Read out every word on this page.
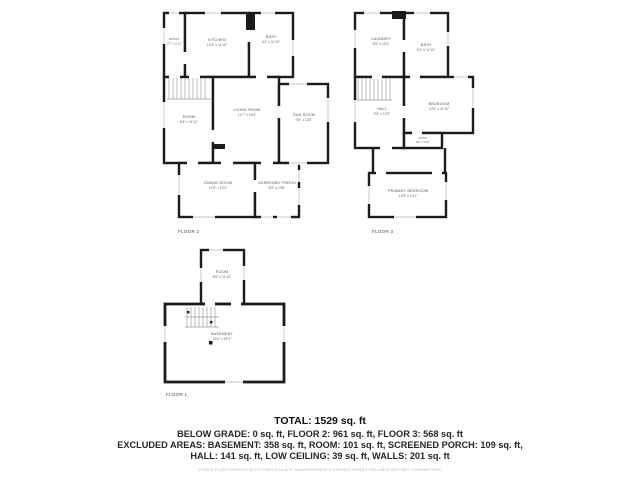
ENTRY
2'7" x 11'11"
KITCHEN
12'4" x 11'10"
BATH
6'1" x 11'10"
ROOM
8'4" x 11'11"
LIVING ROOM
13'7" x 15'3"	SUN ROOM
9'5" x 13'5"
DINING ROOM
14'8" x 13'4"
SCREENED PORCH
8'2" x 13'6"
FLOOR 2
LAUNDRY
8'9" x 12'4"	BATH
6'1" x 11'10"
HALL
9'6" x 13'3"
BEDROOM
13'3" x 11'10"
ATTIC
6'8" x 5'10"
PRIMARY BEDROOM
14'8" x 13'4"
FLOOR 3
ROOM
8'6" x 11'10"
BASEMENT
23'2" x 15'3"
FLOOR 1
TOTAL: 1529 sq. ft
BELOW GRADE: 0 sq. ft, FLOOR 2: 961 sq. ft, FLOOR 3: 568 sq. ft
EXCLUDED AREAS: BASEMENT: 358 sq. ft, ROOM: 101 sq. ft, SCREENED PORCH: 109 sq. ft,
HALL: 141 sq. ft, LOW CEILING: 39 sq. ft, WALLS: 201 sq. ft
FLOOR PLAN CREATED WITH CUBICASA APP. MEASUREMENTS DEEMED HIGHLY RELIABLE BUT NOT GUARANTEED
